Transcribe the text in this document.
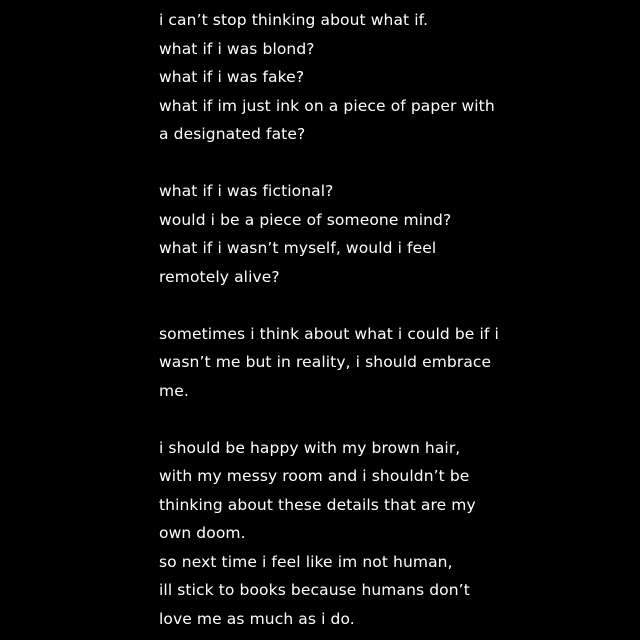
i can’t stop thinking about what if.
what if i was blond?
what if i was fake?
what if im just ink on a piece of paper with
a designated fate?
what if i was fictional?
would i be a piece of someone mind?
what if i wasn’t myself, would i feel
remotely alive?
sometimes i think about what i could be if i
wasn’t me but in reality, i should embrace
me.
i should be happy with my brown hair,
with my messy room and i shouldn’t be
thinking about these details that are my
own doom.
so next time i feel like im not human,
ill stick to books because humans don’t
love me as much as i do.
